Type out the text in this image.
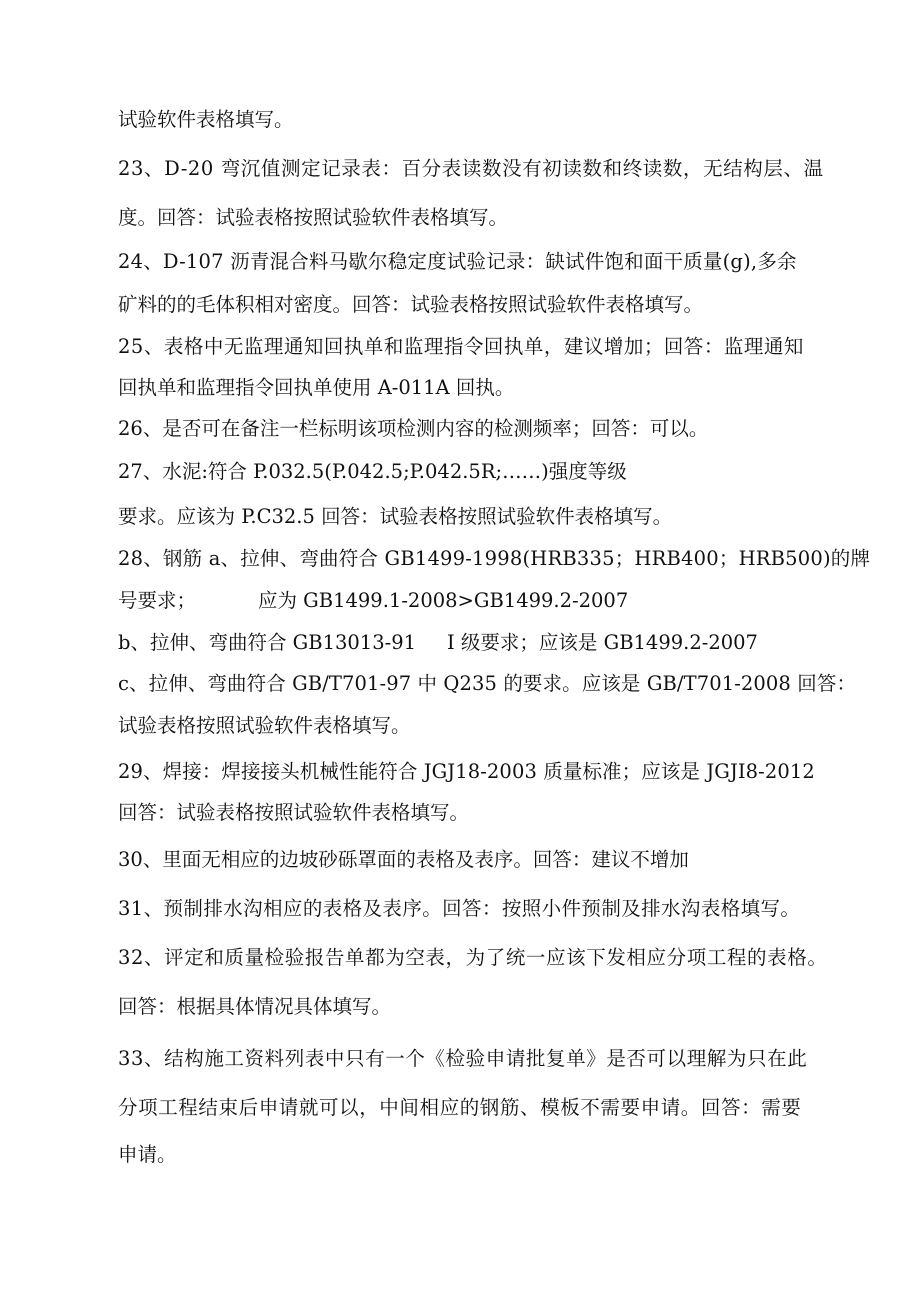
试验软件表格填写。
23、D-20 弯沉值测定记录表：百分表读数没有初读数和终读数，无结构层、温
度。回答：试验表格按照试验软件表格填写。
24、D-107 沥青混合料马歇尔稳定度试验记录：缺试件饱和面干质量(g),多余
矿料的的毛体积相对密度。回答：试验表格按照试验软件表格填写。
25、表格中无监理通知回执单和监理指令回执单，建议增加；回答：监理通知
回执单和监理指令回执单使用 A-011A 回执。
26、是否可在备注一栏标明该项检测内容的检测频率；回答：可以。
27、水泥:符合 P.032.5(P.042.5;P.042.5R;……)强度等级
要求。应该为 P.C32.5 回答：试验表格按照试验软件表格填写。
28、钢筋 a、拉伸、弯曲符合 GB1499-1998(HRB335；HRB400；HRB500)的牌
号要求；          应为 GB1499.1-2008>GB1499.2-2007
b、拉伸、弯曲符合 GB13013-91     I 级要求；应该是 GB1499.2-2007
c、拉伸、弯曲符合 GB/T701-97 中 Q235 的要求。应该是 GB/T701-2008 回答：
试验表格按照试验软件表格填写。
29、焊接：焊接接头机械性能符合 JGJ18-2003 质量标准；应该是 JGJI8-2012
回答：试验表格按照试验软件表格填写。
30、里面无相应的边坡砂砾罩面的表格及表序。回答：建议不增加
31、预制排水沟相应的表格及表序。回答：按照小件预制及排水沟表格填写。
32、评定和质量检验报告单都为空表，为了统一应该下发相应分项工程的表格。
回答：根据具体情况具体填写。
33、结构施工资料列表中只有一个《检验申请批复单》是否可以理解为只在此
分项工程结束后申请就可以，中间相应的钢筋、模板不需要申请。回答：需要
申请。
